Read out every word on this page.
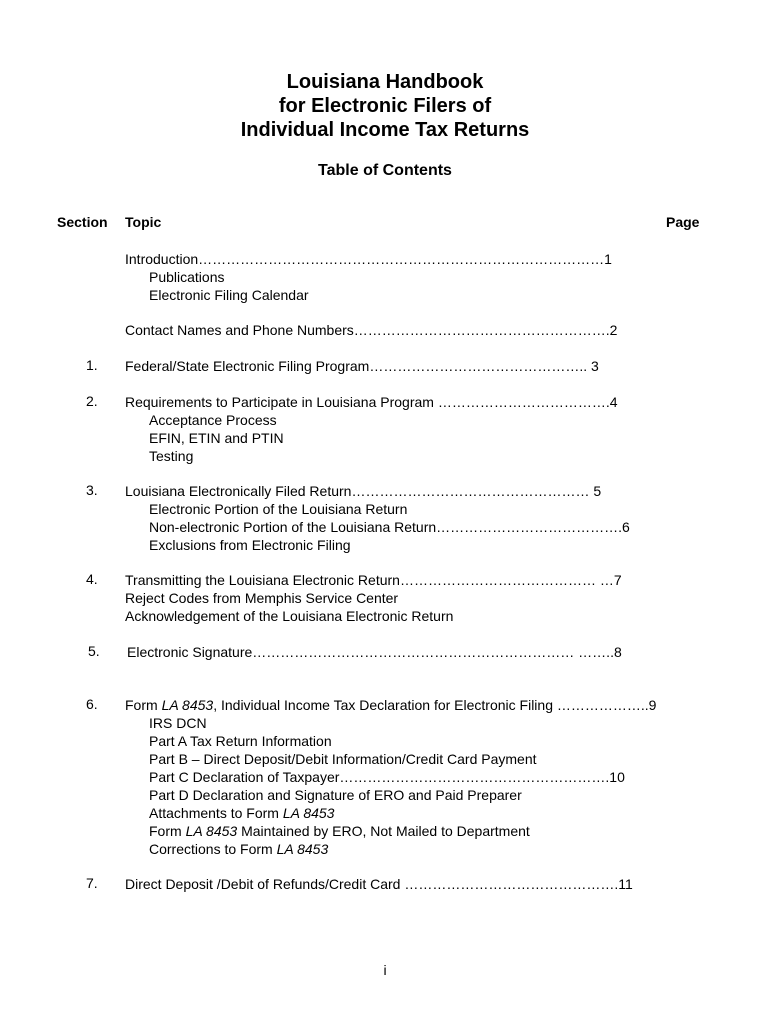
Louisiana Handbook
for Electronic Filers of
Individual Income Tax Returns
Table of Contents
Section Topic	Page
Introduction……………………………………………………………………………1
Publications
Electronic Filing Calendar
Contact Names and Phone Numbers……………………………………………….2
1. Federal/State Electronic Filing Program……………………………………….. 3
2. Requirements to Participate in Louisiana Program ……………………………….4
Acceptance Process
EFIN, ETIN and PTIN
Testing
3. Louisiana Electronically Filed Return…………………………………………… 5
Electronic Portion of the Louisiana Return
Non-electronic Portion of the Louisiana Return………………………………….6
Exclusions from Electronic Filing
4. Transmitting the Louisiana Electronic Return…………………………………… …7
Reject Codes from Memphis Service Center
Acknowledgement of the Louisiana Electronic Return
5. Electronic Signature…………………………………………………………… ……..8
6. Form LA 8453, Individual Income Tax Declaration for Electronic Filing ………………..9
IRS DCN
Part A Tax Return Information
Part B – Direct Deposit/Debit Information/Credit Card Payment
Part C Declaration of Taxpayer………………………………………………….10
Part D Declaration and Signature of ERO and Paid Preparer
Attachments to Form LA 8453
Form LA 8453 Maintained by ERO, Not Mailed to Department
Corrections to Form LA 8453
7. Direct Deposit /Debit of Refunds/Credit Card ……………………………………….11
i
